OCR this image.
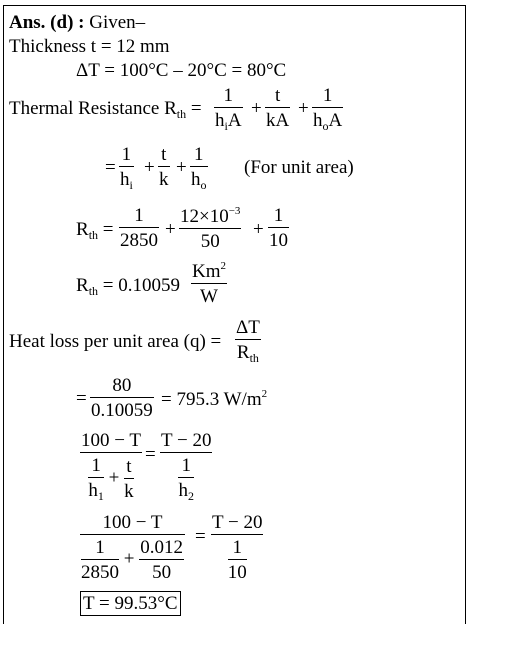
Ans. (d) : Given–
Thickness t = 12 mm
ΔT = 100°C – 20°C = 80°C
Thermal Resistance $R_{th}$ =
1
$h_iA$
+ $\frac{t}{kA}$ +
1
$h_oA$
= $\frac{1}{h_i} + \frac{t}{k} + \frac{1}{h_o} (For$ unit area)
$R_{th} = \frac{1}{2850} + \frac{12\times 10^{-3}}{50} + \frac{1}{10}$
$R_{th} = 0.10059 \frac{Km^2}{W}$
Heat loss per unit area (q) =
ΔT
$R_{th}$
= $\frac{80}{0.10059} = 795.3$ $W/m^2$
$\frac{100 - T}{\frac{1}{h_1} + \frac{t}{k}} = \frac{T - 20}{\frac{1}{h_2}}$
$\frac{100 - T}{\frac{1}{2850} + \frac{0.012}{50}} = \frac{T - 20}{\frac{1}{10}}$
T = 99.53°C
